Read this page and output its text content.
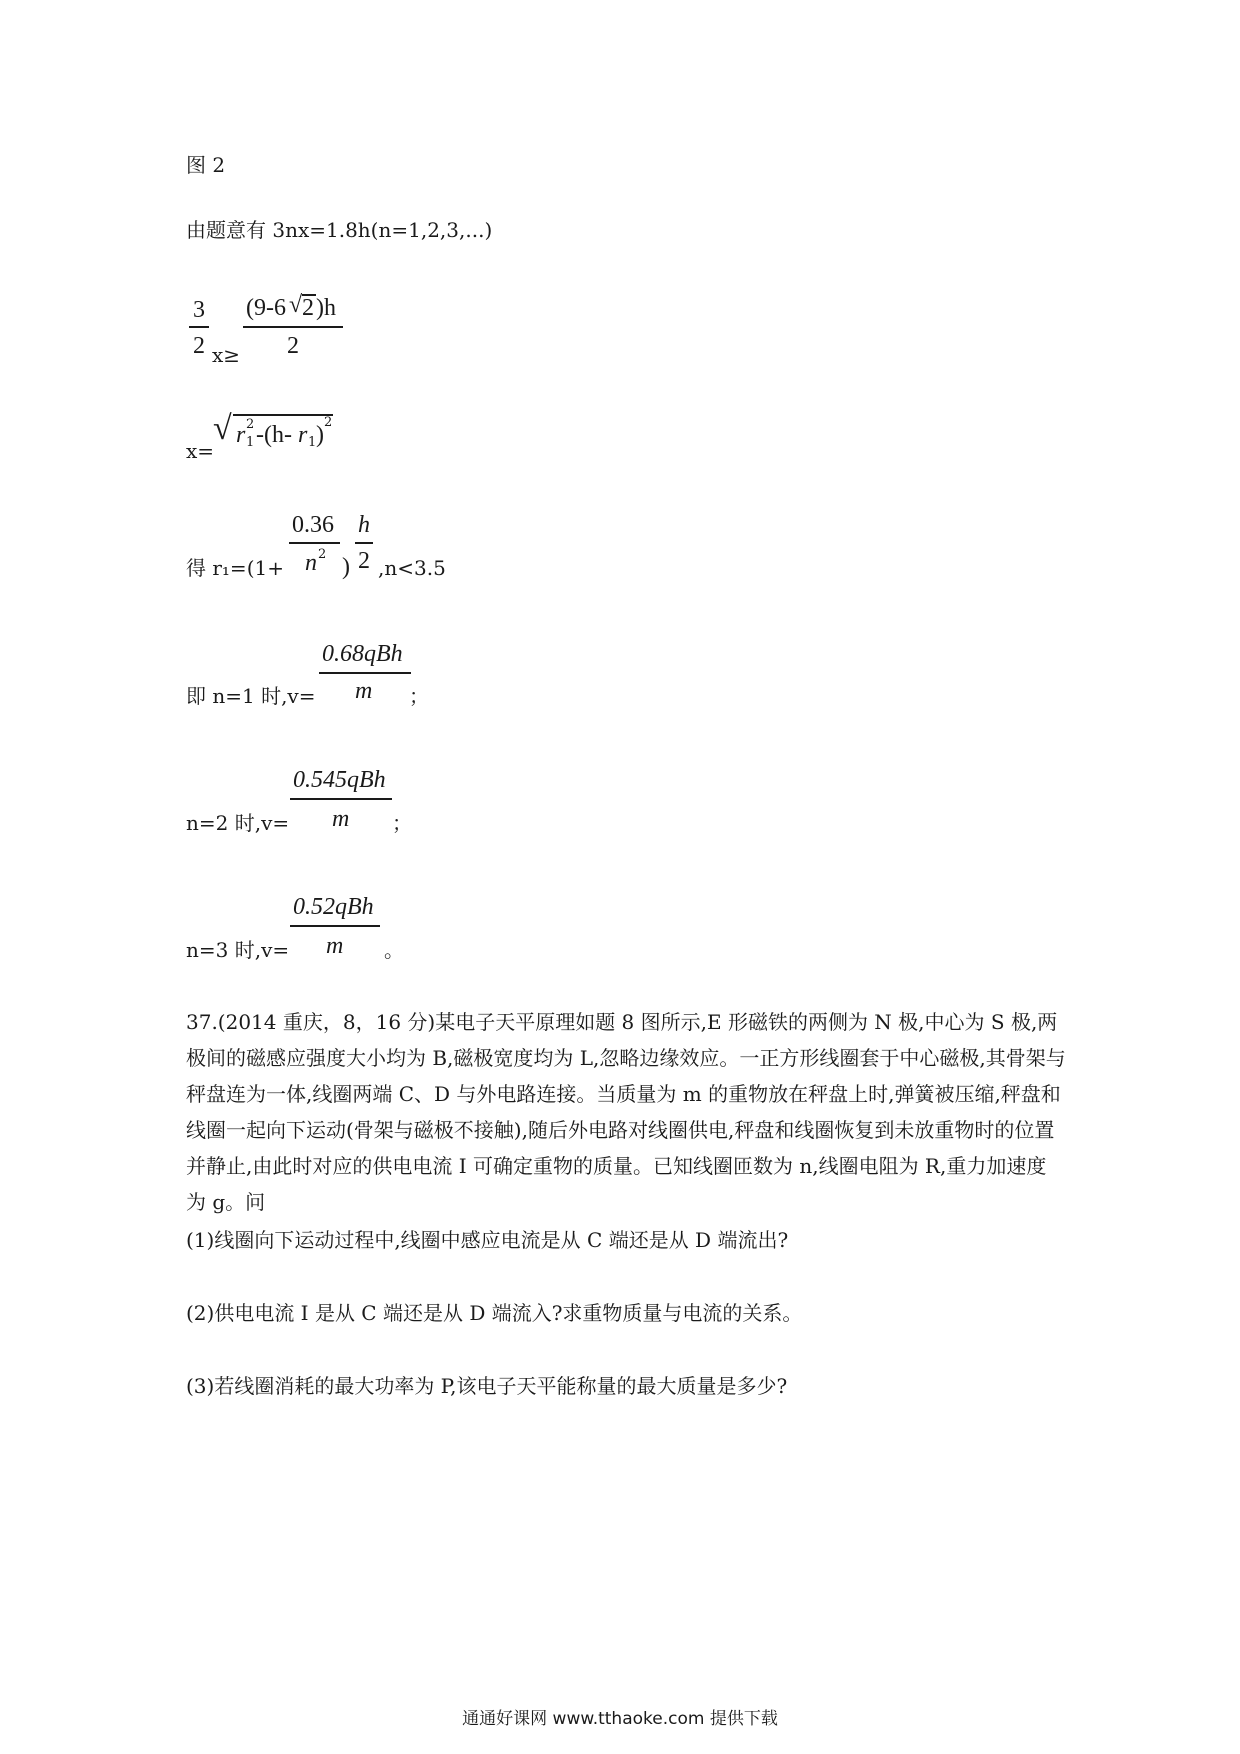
图 2
由题意有 3nx=1.8h(n=1,2,3,...)
3
2 x≥
(9-6 √ 2 )h
2
x=
√ r 1
2 -(h- r 1 ) 2
得 r₁=(1+
0.36
n 2 )
h
2 ,n<3.5
即 n=1 时,v=
0.68qBh
m ；
n=2 时,v=
0.545qBh
m ；
n=3 时,v=
0.52qBh
m 。
37.(2014 重庆，8，16 分)某电子天平原理如题 8 图所示,E 形磁铁的两侧为 N 极,中心为 S 极,两极间的磁感应强度大小均为 B,磁极宽度均为 L,忽略边缘效应。一正方形线圈套于中心磁极,其骨架与秤盘连为一体,线圈两端 C、D 与外电路连接。当质量为 m 的重物放在秤盘上时,弹簧被压缩,秤盘和线圈一起向下运动(骨架与磁极不接触),随后外电路对线圈供电,秤盘和线圈恢复到未放重物时的位置并静止,由此时对应的供电电流 I 可确定重物的质量。已知线圈匝数为 n,线圈电阻为 R,重力加速度为 g。问
(1)线圈向下运动过程中,线圈中感应电流是从 C 端还是从 D 端流出?
(2)供电电流 I 是从 C 端还是从 D 端流入?求重物质量与电流的关系。
(3)若线圈消耗的最大功率为 P,该电子天平能称量的最大质量是多少?
通通好课网 www.tthaoke.com 提供下载
